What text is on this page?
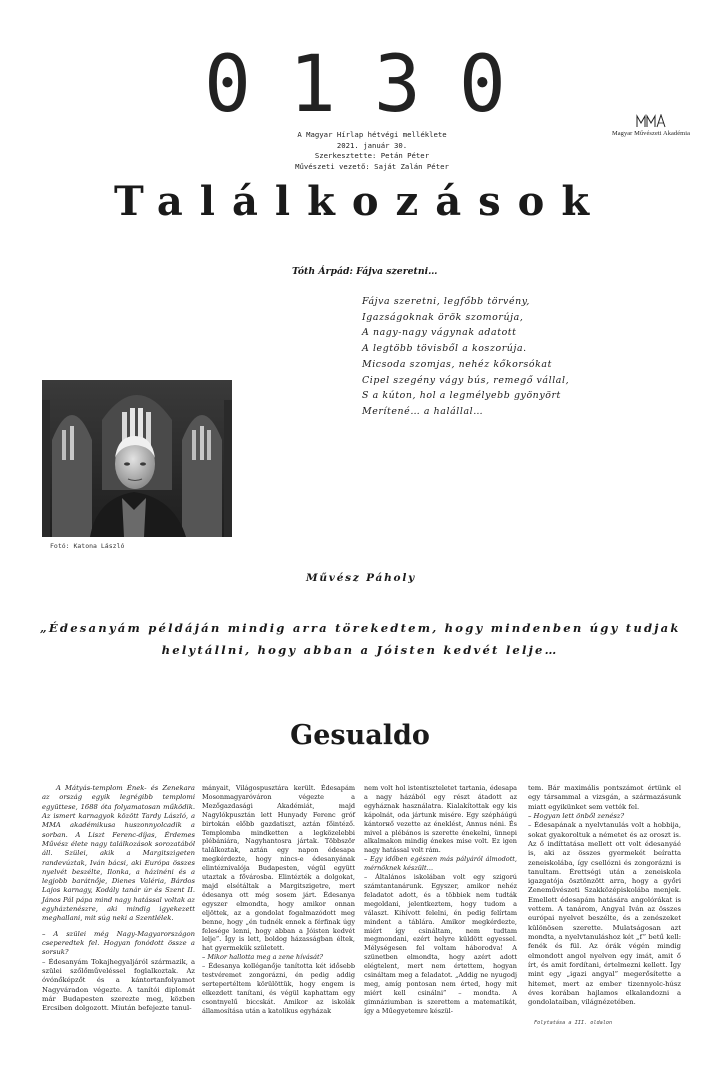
0130
A Magyar Hírlap hétvégi melléklete
2021. január 30.
Szerkesztette: Petán Péter
Művészeti vezető: Saját Zalán Péter
Magyar Művészeti Akadémia
Találkozások
Tóth Árpád: Fájva szeretni…
Fájva szeretni, legfőbb törvény,
Igazságoknak örök szomorúja,
A nagy-nagy vágynak adatott
A legtöbb tövisből a koszorúja.
Micsoda szomjas, nehéz kőkorsókat
Cipel szegény vágy bús, remegő vállal,
S a kúton, hol a legmélyebb gyönyört
Merítené… a halállal…
Fotó: Katona László
Művész Páholy
„Édesanyám példáján mindig arra törekedtem, hogy mindenben úgy tudjak
helytállni, hogy abban a Jóisten kedvét lelje…
Gesualdo

A Mátyás-templom Ének- és Zenekara az ország egyik legrégibb templomi együttese, 1688 óta folyamatosan működik. Az ismert karnagyok között Tardy László, a MMA akadémikusa huszonnyolcadik a sorban. A Liszt Ferenc-díjas, Érdemes Művész élete nagy találkozások sorozatából áll. Szülei, akik a Margitszigeten randevúztak, Iván bácsi, aki Európa összes nyelvét beszélte, Ilonka, a házinéni és a legjobb barátnője, Dienes Valéria, Bárdos Lajos karnagy, Kodály tanár úr és Szent II. János Pál pápa mind nagy hatással voltak az egyháztenészre, aki mindig igyekezett meghallani, mit súg neki a Szentlélek.

– A szülei még Nagy-Magyarországon cseperedtek fel. Hogyan fonódott össze a sorsuk?

– Édesanyám Tokajhegyaljáról származik, a szülei szőlőműveléssel foglalkoztak. Az óvónőképzőt és a kántortanfolyamot Nagyváradon végezte. A tanítói diplomát már Budapesten szerezte meg, közben Ercsiben dolgozott. Miután befejezte tanul-

mányait, Világospusztára került. Édesapám Mosonmagyaróváron végezte a Mezőgazdasági Akadémiát, majd Nagylókpusztán lett Hunyady Ferenc gróf birtokán előbb gazdatiszt, aztán főintéző. Templomba mindketten a legközelebbi plébániára, Nagyhantosra jártak. Többször találkoztak, aztán egy napon édesapa megkérdezte, hogy nincs-e édesanyának elintéznivalója Budapesten, végül együtt utaztak a fővárosba. Elintézték a dolgokat, majd elsétáltak a Margitszigetre, mert édesanya ott még sosem járt. Édesanya egyszer elmondta, hogy amikor onnan eljöttek, az a gondolat fogalmazódott meg benne, hogy „én tudnék ennek a férfinak úgy felesége lenni, hogy abban a Jóisten kedvét lelje”. Így is lett, boldog házasságban éltek, hat gyermekük született.

– Mikor hallotta meg a zene hívását?

– Édesanya kolléganője tanította két idősebb testvéremet zongorázni, én pedig addig sertepertéltem körülöttük, hogy engem is elkezdett tanítani, és végül kaphattam egy csontnyelű biccskát. Amikor az iskolák államosítása után a katolikus egyházak

nem volt hol istentiszteletet tartania, édesapa a nagy házából egy részt átadott az egyháznak használatra. Kialakítottak egy kis kápolnát, oda jártunk misére. Egy szépháúgú kántorнő vezette az éneklést, Annus néni. És mivel a plébános is szerette énekelni, ünnepi alkalmakon mindig énekes mise volt. Ez igen nagy hatással volt rám.

– Egy időben egészen más pályáról álmodott, mérnöknek készült…

– Általános iskolában volt egy szigorú számtantanárunk. Egyszer, amikor nehéz feladatot adott, és a többiek nem tudták megoldani, jelentkeztem, hogy tudom a választ. Kihívott felelni, én pedig felírtam mindent a táblára. Amikor megkérdezte, miért így csináltam, nem tudtam megmondani, ezért helyre küldött egyessel. Mélységesen fel voltam háborodva! A szünetben elmondta, hogy azért adott elégtelent, mert nem értettem, hogyan csináltam meg a feladatot. „Addig ne nyugodj meg, amíg pontosan nem érted, hogy mit miért kell csinálni” – mondta. A gimnáziumban is szerettem a matematikát, így a Műegyetemre készül-

tem. Bár maximális pontszámot értünk el egy társammal a vizsgán, a származásunk miatt egyikünket sem vették fel.

– Hogyan lett önből zenész?

– Édesapának a nyelvtanulás volt a hobbija, sokat gyakoroltuk a németet és az oroszt is. Az ő indíttatása mellett ott volt édesanyáé is, aki az összes gyermekét beíratta zeneiskolába, így csellózni és zongorázni is tanultam. Érettségi után a zeneiskola igazgatója ösztönzött arra, hogy a győri Zeneművészeti Szakközépiskolába menjek. Emellett édesapám hatására angolórákat is vettem. A tanárom, Angyal Iván az összes európai nyelvet beszélte, és a zenészeket különösen szerette. Mulatságosan azt mondta, a nyelvtanuláshoz két „f” betű kell: fenék és fül. Az órák végén mindig elmondott angol nyelven egy imát, amit ő írt, és amit fordítani, értelmezni kellett. Így mint egy „igazi angyal” megerősítette a hitemet, mert az ember tizennyolc-húsz éves korában hajlamos elkalandozni a gondolataiban, világnézetében.

Folytatása a III. oldalon
